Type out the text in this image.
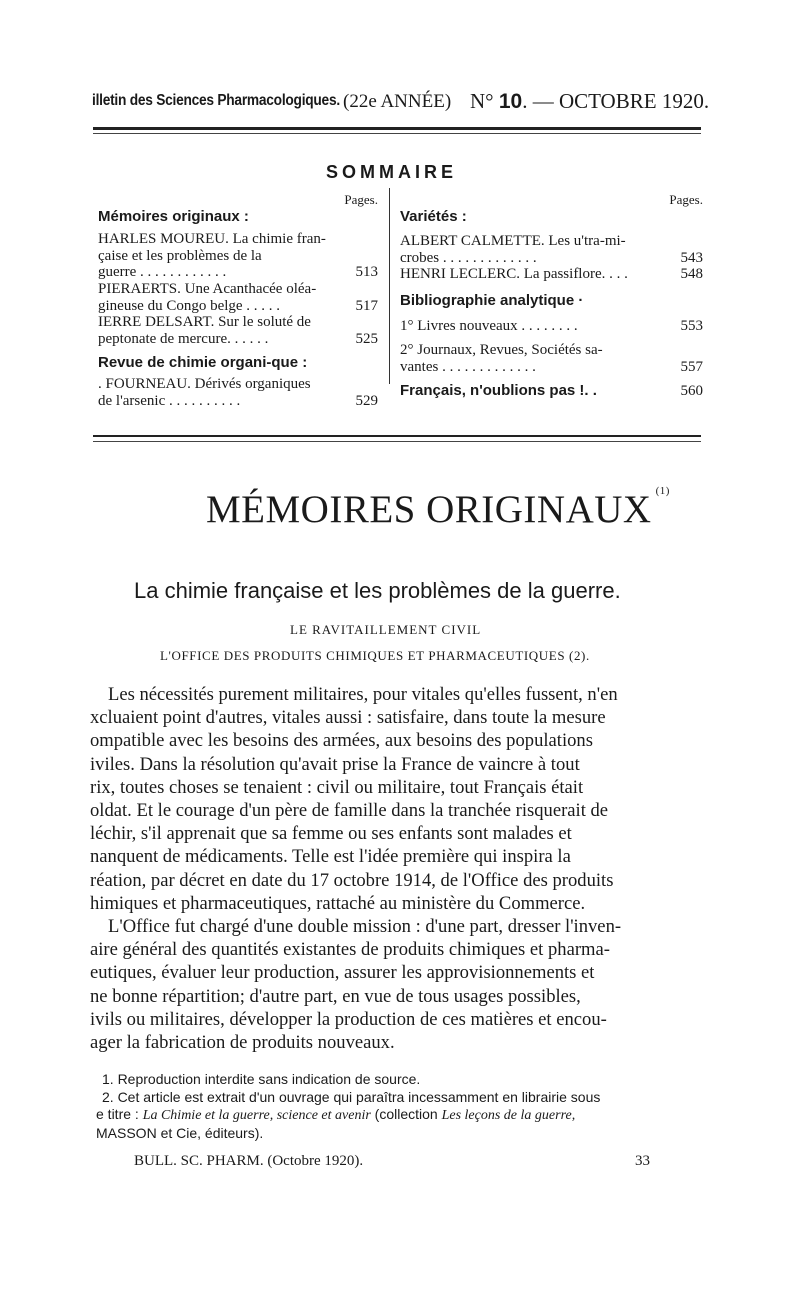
illetin des Sciences Pharmacologiques. (22e ANNÉE) N° 10. — OCTOBRE 1920.
SOMMAIRE
Pages.
Mémoires originaux :
HARLES MOUREU. La chimie fran-
çaise et les problèmes de la
guerre . . . . . . . . . . . .	513
PIERAERTS. Une Acanthacée oléa-
gineuse du Congo belge . . . . .	517
IERRE DELSART. Sur le soluté de
peptonate de mercure. . . . . .	525
Revue de chimie organi-que :
. FOURNEAU. Dérivés organiques
de l'arsenic . . . . . . . . . .	529
Pages.
Variétés :
ALBERT CALMETTE. Les u'tra-mi-
crobes . . . . . . . . . . . . .	543
HENRI LECLERC. La passiflore. . . .	548
Bibliographie analytique ·
1° Livres nouveaux . . . . . . . .	553
2° Journaux, Revues, Sociétés sa-
vantes . . . . . . . . . . . . .	557
Français, n'oublions pas !. .	560
MÉMOIRES ORIGINAUX $^{(1)}$
La chimie française et les problèmes de la guerre.
LE RAVITAILLEMENT CIVIL
L'OFFICE DES PRODUITS CHIMIQUES ET PHARMACEUTIQUES (2).
Les nécessités purement militaires, pour vitales qu'elles fussent, n'en
xcluaient point d'autres, vitales aussi : satisfaire, dans toute la mesure
ompatible avec les besoins des armées, aux besoins des populations
iviles. Dans la résolution qu'avait prise la France de vaincre à tout
rix, toutes choses se tenaient : civil ou militaire, tout Français était
oldat. Et le courage d'un père de famille dans la tranchée risquerait de
léchir, s'il apprenait que sa femme ou ses enfants sont malades et
nanquent de médicaments. Telle est l'idée première qui inspira la
réation, par décret en date du 17 octobre 1914, de l'Office des produits
himiques et pharmaceutiques, rattaché au ministère du Commerce.
L'Office fut chargé d'une double mission : d'une part, dresser l'inven-
aire général des quantités existantes de produits chimiques et pharma-
eutiques, évaluer leur production, assurer les approvisionnements et
ne bonne répartition; d'autre part, en vue de tous usages possibles,
ivils ou militaires, développer la production de ces matières et encou-
ager la fabrication de produits nouveaux.
1. Reproduction interdite sans indication de source.
2. Cet article est extrait d'un ouvrage qui paraîtra incessamment en librairie sous
e titre : La Chimie et la guerre, science et avenir (collection Les leçons de la guerre,
MASSON et Cie, éditeurs).
BULL. SC. PHARM. (Octobre 1920).	33
